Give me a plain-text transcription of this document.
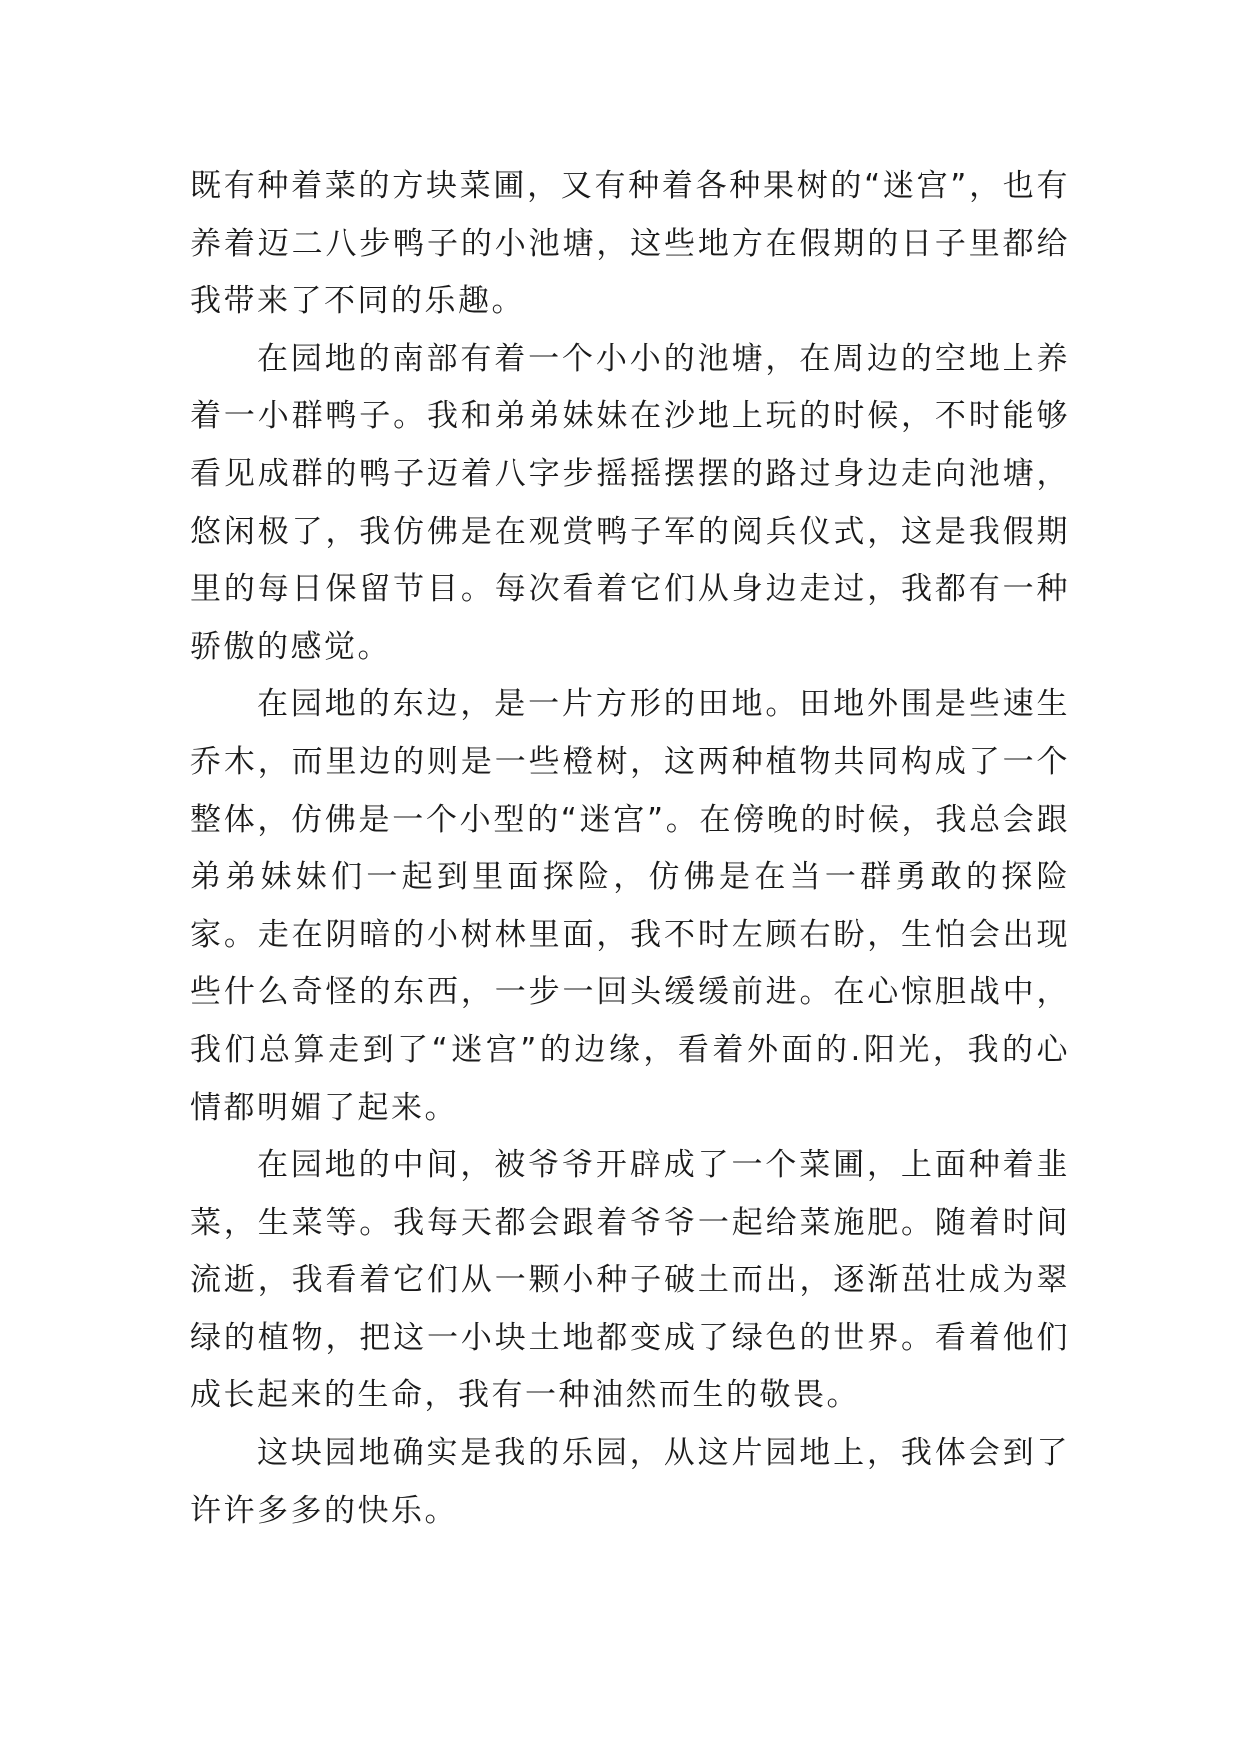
既有种着菜的方块菜圃，又有种着各种果树的“迷宫”，也有养着迈二八步鸭子的小池塘，这些地方在假期的日子里都给我带来了不同的乐趣。

在园地的南部有着一个小小的池塘，在周边的空地上养着一小群鸭子。我和弟弟妹妹在沙地上玩的时候，不时能够看见成群的鸭子迈着八字步摇摇摆摆的路过身边走向池塘，悠闲极了，我仿佛是在观赏鸭子军的阅兵仪式，这是我假期里的每日保留节目。每次看着它们从身边走过，我都有一种骄傲的感觉。

在园地的东边，是一片方形的田地。田地外围是些速生乔木，而里边的则是一些橙树，这两种植物共同构成了一个整体，仿佛是一个小型的“迷宫”。在傍晚的时候，我总会跟弟弟妹妹们一起到里面探险，仿佛是在当一群勇敢的探险家。走在阴暗的小树林里面，我不时左顾右盼，生怕会出现些什么奇怪的东西，一步一回头缓缓前进。在心惊胆战中，我们总算走到了“迷宫”的边缘，看着外面的.阳光，我的心情都明媚了起来。

在园地的中间，被爷爷开辟成了一个菜圃，上面种着韭菜，生菜等。我每天都会跟着爷爷一起给菜施肥。随着时间流逝，我看着它们从一颗小种子破土而出，逐渐茁壮成为翠绿的植物，把这一小块土地都变成了绿色的世界。看着他们成长起来的生命，我有一种油然而生的敬畏。

这块园地确实是我的乐园，从这片园地上，我体会到了许许多多的快乐。
